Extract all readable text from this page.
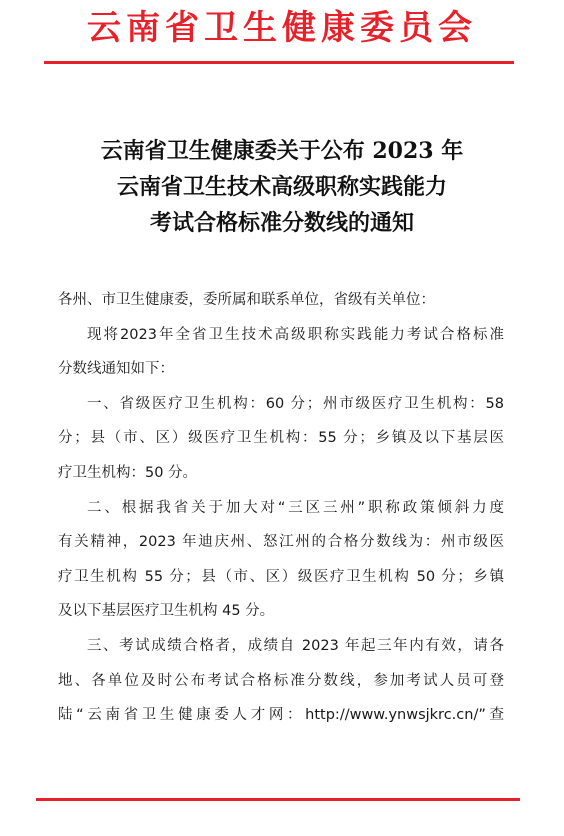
云南省卫生健康委员会
云南省卫生健康委关于公布 2023 年
云南省卫生技术高级职称实践能力
考试合格标准分数线的通知
各州、市卫生健康委，委所属和联系单位，省级有关单位：
现将2023年全省卫生技术高级职称实践能力考试合格标准
分数线通知如下：
一、省级医疗卫生机构：60 分；州市级医疗卫生机构：58
分；县（市、区）级医疗卫生机构：55 分；乡镇及以下基层医
疗卫生机构：50 分。
二、根据我省关于加大对“三区三州”职称政策倾斜力度
有关精神，2023 年迪庆州、怒江州的合格分数线为：州市级医
疗卫生机构 55 分；县（市、区）级医疗卫生机构 50 分；乡镇
及以下基层医疗卫生机构 45 分。
三、考试成绩合格者，成绩自 2023 年起三年内有效，请各
地、各单位及时公布考试合格标准分数线，参加考试人员可登
陆“云南省卫生健康委人才网：http://www.ynwsjkrc.cn/”查
